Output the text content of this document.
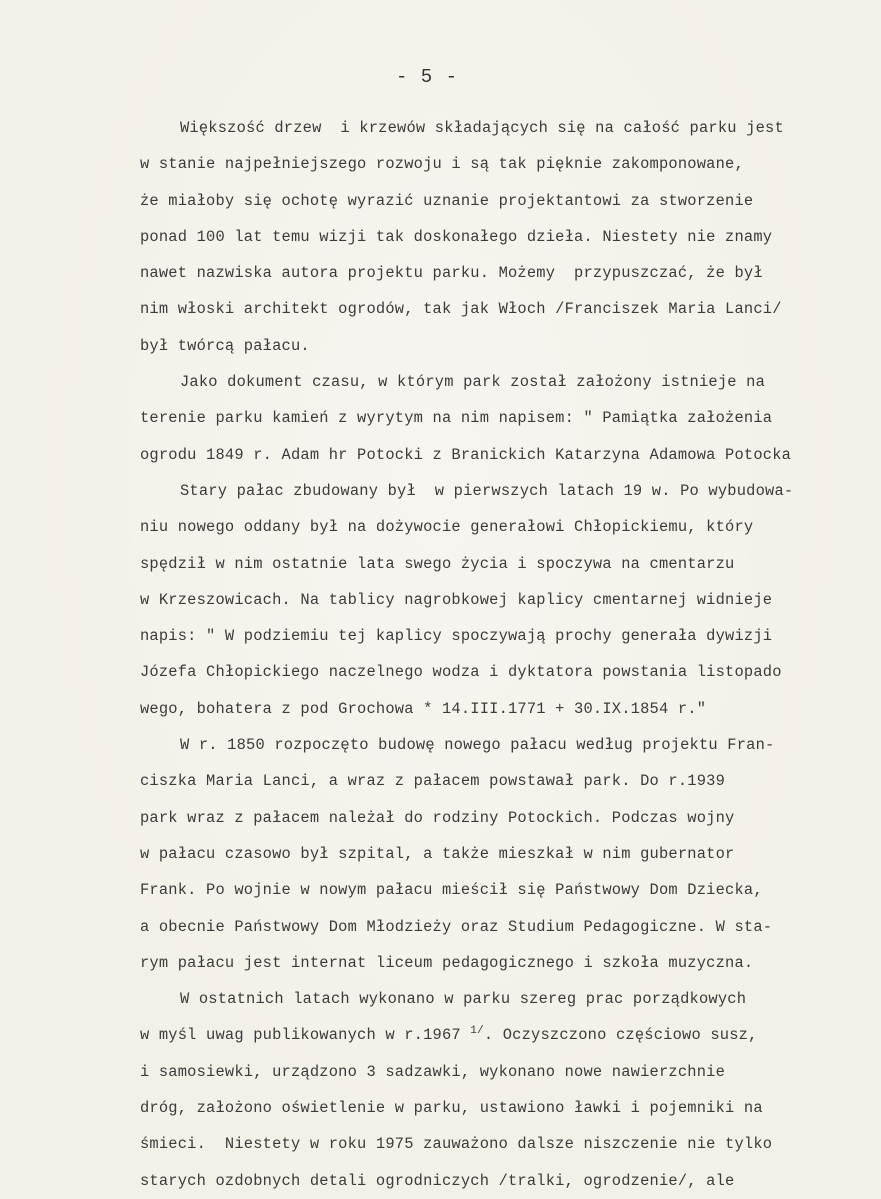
- 5 -
Większość drzew  i krzewów składających się na całość parku jest
w stanie najpełniejszego rozwoju i są tak pięknie zakomponowane,
że miałoby się ochotę wyrazić uznanie projektantowi za stworzenie
ponad 100 lat temu wizji tak doskonałego dzieła. Niestety nie znamy
nawet nazwiska autora projektu parku. Możemy  przypuszczać, że był
nim włoski architekt ogrodów, tak jak Włoch /Franciszek Maria Lanci/
był twórcą pałacu.
Jako dokument czasu, w którym park został założony istnieje na
terenie parku kamień z wyrytym na nim napisem: " Pamiątka założenia
ogrodu 1849 r. Adam hr Potocki z Branickich Katarzyna Adamowa Potocka
Stary pałac zbudowany był  w pierwszych latach 19 w. Po wybudowa-
niu nowego oddany był na dożywocie generałowi Chłopickiemu, który
spędził w nim ostatnie lata swego życia i spoczywa na cmentarzu
w Krzeszowicach. Na tablicy nagrobkowej kaplicy cmentarnej widnieje
napis: " W podziemiu tej kaplicy spoczywają prochy generała dywizji
Józefa Chłopickiego naczelnego wodza i dyktatora powstania listopado
wego, bohatera z pod Grochowa * 14.III.1771 + 30.IX.1854 r."
W r. 1850 rozpoczęto budowę nowego pałacu według projektu Fran-
ciszka Maria Lanci, a wraz z pałacem powstawał park. Do r.1939
park wraz z pałacem należał do rodziny Potockich. Podczas wojny
w pałacu czasowo był szpital, a także mieszkał w nim gubernator
Frank. Po wojnie w nowym pałacu mieścił się Państwowy Dom Dziecka,
a obecnie Państwowy Dom Młodzieży oraz Studium Pedagogiczne. W sta-
rym pałacu jest internat liceum pedagogicznego i szkoła muzyczna.
W ostatnich latach wykonano w parku szereg prac porządkowych
w myśl uwag publikowanych w r.1967 $^{1/}$. Oczyszczono częściowo susz,
i samosiewki, urządzono 3 sadzawki, wykonano nowe nawierzchnie
dróg, założono oświetlenie w parku, ustawiono ławki i pojemniki na
śmieci.  Niestety w roku 1975 zauważono dalsze niszczenie nie tylko
starych ozdobnych detali ogrodniczych /tralki, ogrodzenie/, ale
